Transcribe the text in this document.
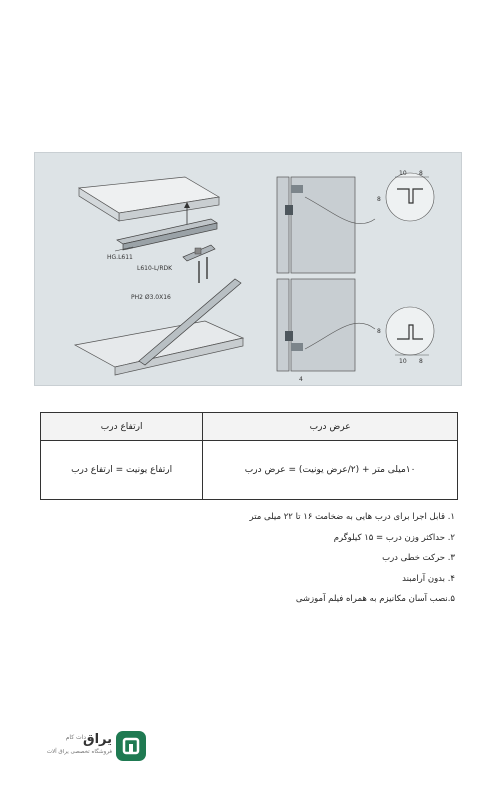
HG.L611
L610-L/RDK
PH2 Ø3.0X16
10 8
8
10 8
8
4
عرض درب	ارتفاع درب
۱۰میلی متر + (۲/عرض یونیت) = عرض درب	ارتفاع یونیت = ارتفاع درب
۱. قابل اجرا برای درب هایی به ضخامت ۱۶ تا ۲۲ میلی متر
۲. حداکثر وزن درب = ۱۵ کیلوگرم
۳. حرکت خطی درب
۴. بدون آرامبند
۵.نصب آسان مکانیزم به همراه فیلم آموزشی
یراق
دات کام
فروشگاه تخصصی یراق آلات
